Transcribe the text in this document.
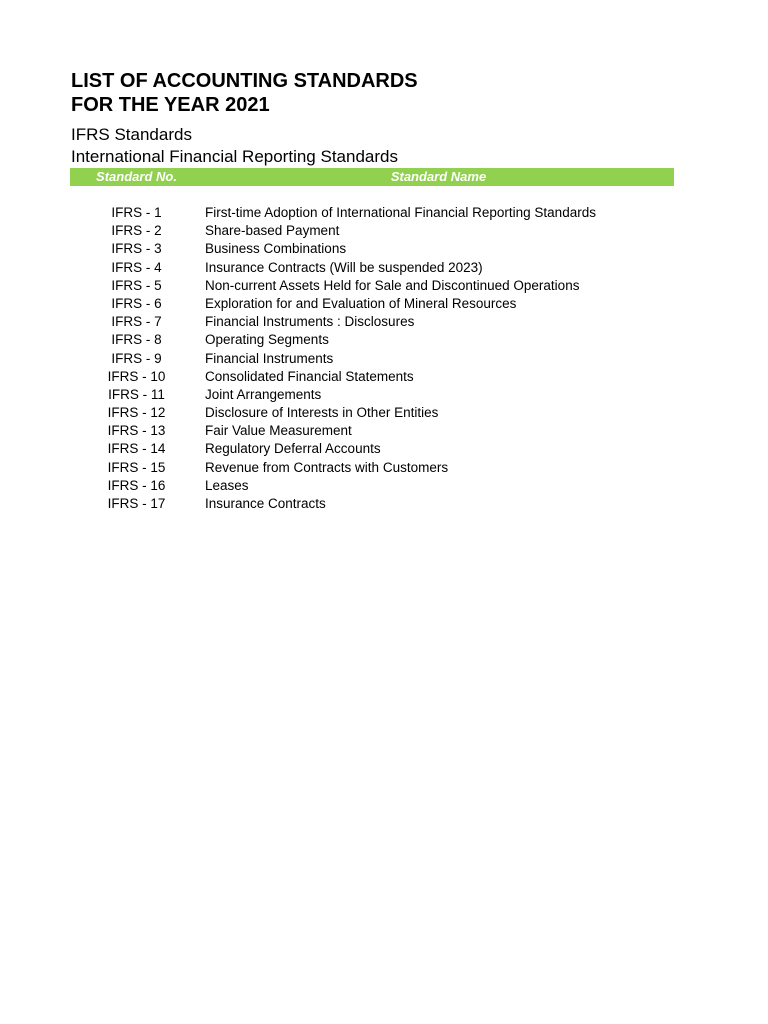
LIST OF ACCOUNTING STANDARDS
FOR THE YEAR 2021

IFRS Standards

International Financial Reporting Standards

Standard No.	Standard Name
IFRS - 1	First-time Adoption of International Financial Reporting Standards
IFRS - 2	Share-based Payment
IFRS - 3	Business Combinations
IFRS - 4	Insurance Contracts (Will be suspended 2023)
IFRS - 5	Non-current Assets Held for Sale and Discontinued Operations
IFRS - 6	Exploration for and Evaluation of Mineral Resources
IFRS - 7	Financial Instruments : Disclosures
IFRS - 8	Operating Segments
IFRS - 9	Financial Instruments
IFRS - 10	Consolidated Financial Statements
IFRS - 11	Joint Arrangements
IFRS - 12	Disclosure of Interests in Other Entities
IFRS - 13	Fair Value Measurement
IFRS - 14	Regulatory Deferral Accounts
IFRS - 15	Revenue from Contracts with Customers
IFRS - 16	Leases
IFRS - 17	Insurance Contracts
